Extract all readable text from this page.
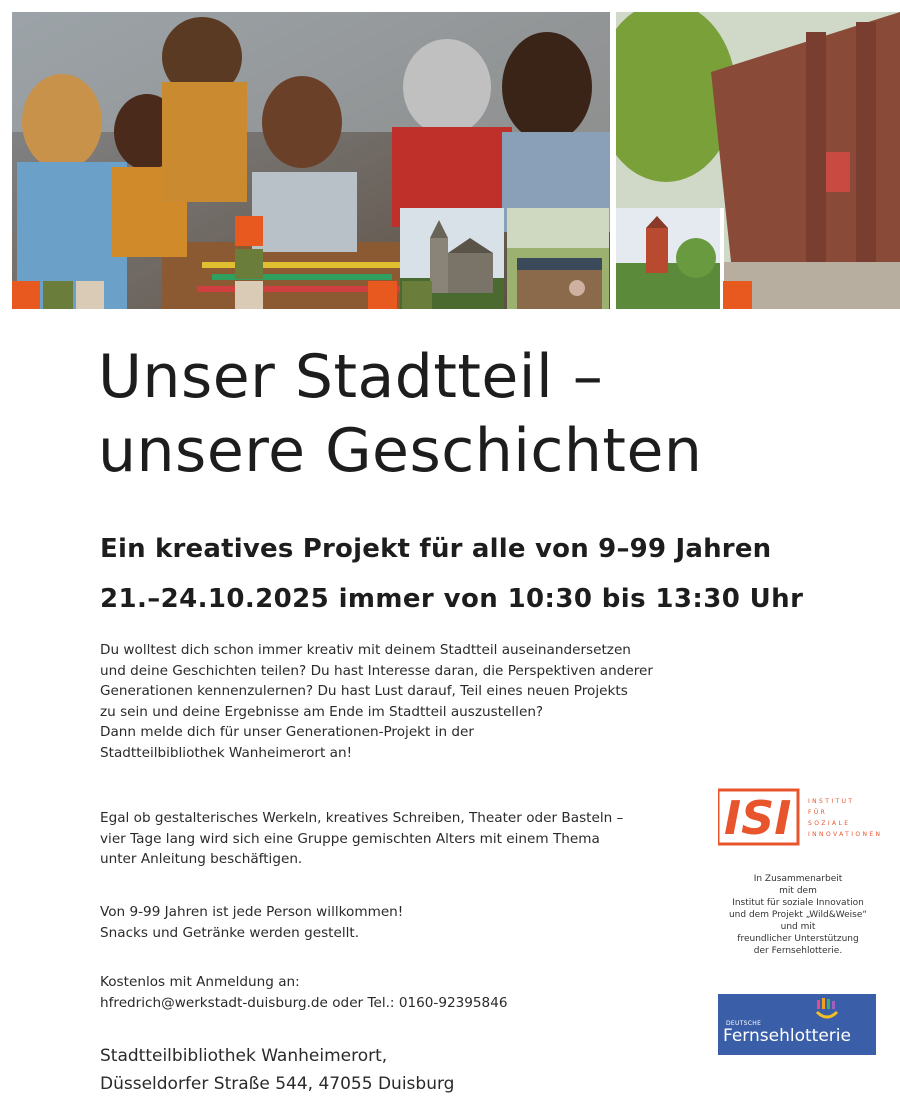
Unser Stadtteil –
unsere Geschichten
Ein kreatives Projekt für alle von 9–99 Jahren
21.–24.10.2025 immer von 10:30 bis 13:30 Uhr

Du wolltest dich schon immer kreativ mit deinem Stadtteil auseinandersetzen

und deine Geschichten teilen? Du hast Interesse daran, die Perspektiven anderer

Generationen kennenzulernen? Du hast Lust darauf, Teil eines neuen Projekts

zu sein und deine Ergebnisse am Ende im Stadtteil auszustellen?

Dann melde dich für unser Generationen-Projekt in der

Stadtteilbibliothek Wanheimerort an!

Egal ob gestalterisches Werkeln, kreatives Schreiben, Theater oder Basteln –

vier Tage lang wird sich eine Gruppe gemischten Alters mit einem Thema

unter Anleitung beschäftigen.

Von 9-99 Jahren ist jede Person willkommen!

Snacks und Getränke werden gestellt.

Kostenlos mit Anmeldung an:

hfredrich@werkstadt-duisburg.de oder Tel.: 0160-92395846

Stadtteilbibliothek Wanheimerort,

Düsseldorfer Straße 544, 47055 Duisburg

ISI	INSTITUT
FÜR
SOZIALE
INNOVATIONEN
In Zusammenarbeit
mit dem
Institut für soziale Innovation
und dem Projekt „Wild&Weise“
und mit
freundlicher Unterstützung
der Fernsehlotterie.
DEUTSCHE
Fernsehlotterie
